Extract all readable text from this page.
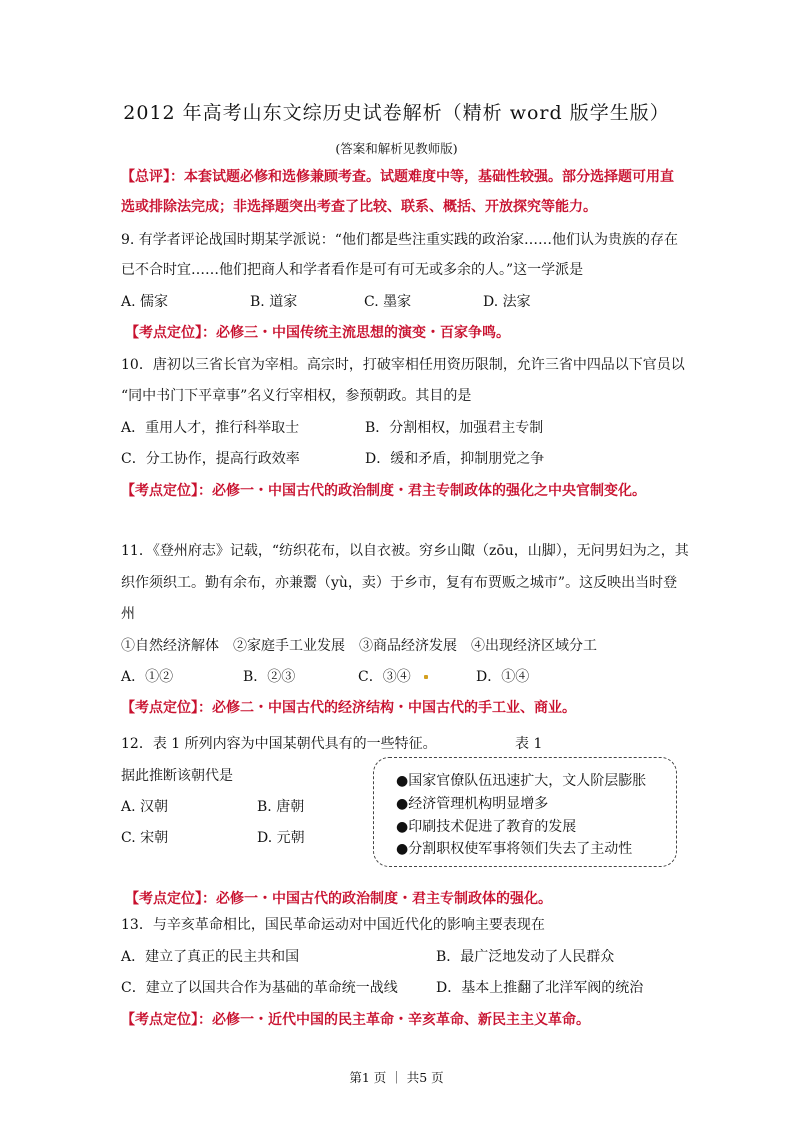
2012 年高考山东文综历史试卷解析（精析 word 版学生版）
(答案和解析见教师版)
【总评】：本套试题必修和选修兼顾考查。试题难度中等，基础性较强。部分选择题可用直
选或排除法完成；非选择题突出考查了比较、联系、概括、开放探究等能力。
9. 有学者评论战国时期某学派说：“他们都是些注重实践的政治家……他们认为贵族的存在
已不合时宜……他们把商人和学者看作是可有可无或多余的人。”这一学派是
A. 儒家	B. 道家	C. 墨家	D. 法家
【考点定位】：必修三・中国传统主流思想的演变・百家争鸣。
10．唐初以三省长官为宰相。高宗时，打破宰相任用资历限制，允许三省中四品以下官员以
“同中书门下平章事”名义行宰相权，参预朝政。其目的是
A．重用人才，推行科举取士	B．分割相权，加强君主专制
C．分工协作，提高行政效率	D．缓和矛盾，抑制朋党之争
【考点定位】：必修一・中国古代的政治制度・君主专制政体的强化之中央官制变化。
11．《登州府志》记载，“纺织花布，以自衣被。穷乡山陬（zōu，山脚），无问男妇为之，其
织作须织工。勤有余布，亦兼鬻（yù，卖）于乡市，复有布贾贩之城市”。这反映出当时登
州
①自然经济解体　②家庭手工业发展　③商品经济发展　④出现经济区域分工
A．①②	B．②③	C．③④	D．①④
【考点定位】：必修二・中国古代的经济结构・中国古代的手工业、商业。
12．表 1 所列内容为中国某朝代具有的一些特征。	表 1
据此推断该朝代是
A. 汉朝	B. 唐朝
C. 宋朝	D. 元朝
●国家官僚队伍迅速扩大，文人阶层膨胀
●经济管理机构明显增多
●印刷技术促进了教育的发展
●分割职权使军事将领们失去了主动性
【考点定位】：必修一・中国古代的政治制度・君主专制政体的强化。
13．与辛亥革命相比，国民革命运动对中国近代化的影响主要表现在
A．建立了真正的民主共和国	B．最广泛地发动了人民群众
C．建立了以国共合作为基础的革命统一战线	D．基本上推翻了北洋军阀的统治
【考点定位】：必修一・近代中国的民主革命・辛亥革命、新民主主义革命。
第1 页 ｜ 共5 页
